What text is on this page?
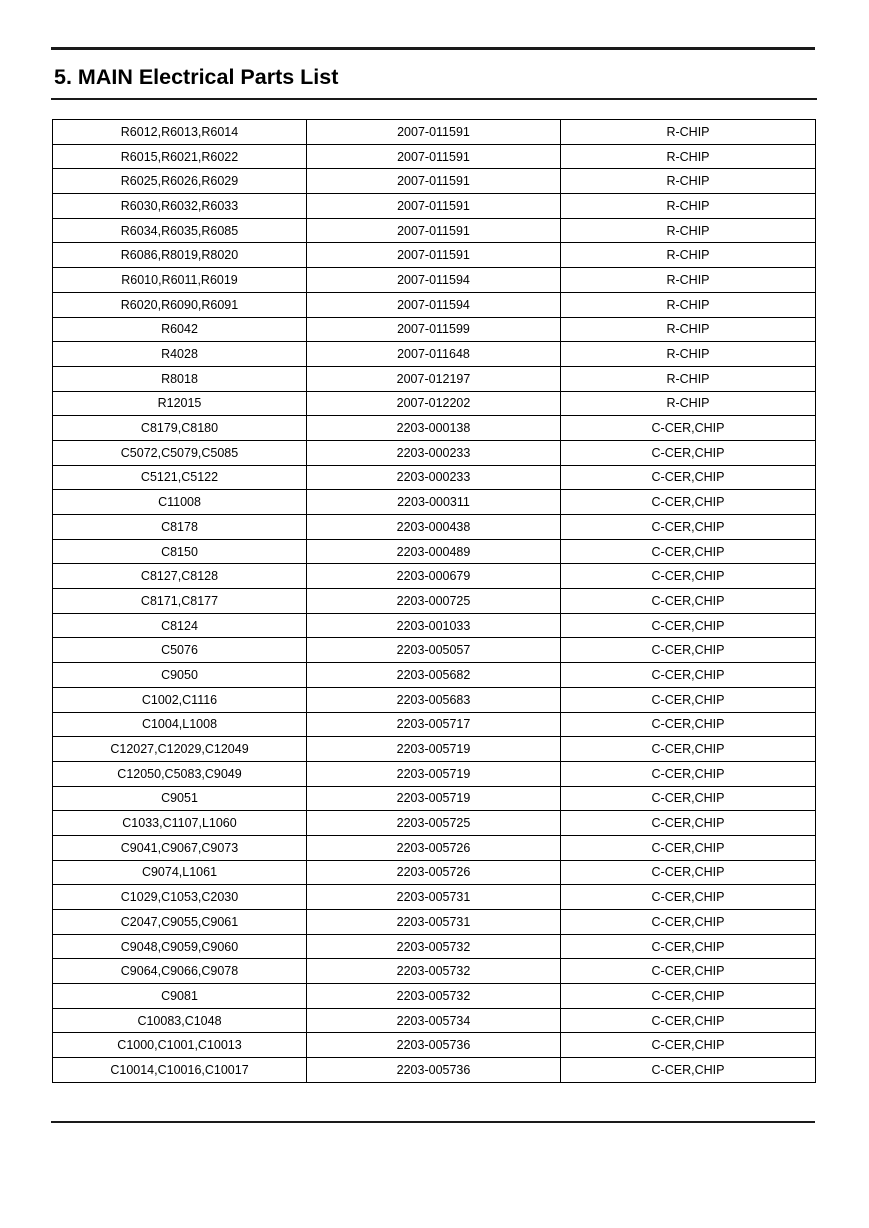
5. MAIN Electrical Parts List
R6012,R6013,R6014	2007-011591	R-CHIP
R6015,R6021,R6022	2007-011591	R-CHIP
R6025,R6026,R6029	2007-011591	R-CHIP
R6030,R6032,R6033	2007-011591	R-CHIP
R6034,R6035,R6085	2007-011591	R-CHIP
R6086,R8019,R8020	2007-011591	R-CHIP
R6010,R6011,R6019	2007-011594	R-CHIP
R6020,R6090,R6091	2007-011594	R-CHIP
R6042	2007-011599	R-CHIP
R4028	2007-011648	R-CHIP
R8018	2007-012197	R-CHIP
R12015	2007-012202	R-CHIP
C8179,C8180	2203-000138	C-CER,CHIP
C5072,C5079,C5085	2203-000233	C-CER,CHIP
C5121,C5122	2203-000233	C-CER,CHIP
C11008	2203-000311	C-CER,CHIP
C8178	2203-000438	C-CER,CHIP
C8150	2203-000489	C-CER,CHIP
C8127,C8128	2203-000679	C-CER,CHIP
C8171,C8177	2203-000725	C-CER,CHIP
C8124	2203-001033	C-CER,CHIP
C5076	2203-005057	C-CER,CHIP
C9050	2203-005682	C-CER,CHIP
C1002,C1116	2203-005683	C-CER,CHIP
C1004,L1008	2203-005717	C-CER,CHIP
C12027,C12029,C12049	2203-005719	C-CER,CHIP
C12050,C5083,C9049	2203-005719	C-CER,CHIP
C9051	2203-005719	C-CER,CHIP
C1033,C1107,L1060	2203-005725	C-CER,CHIP
C9041,C9067,C9073	2203-005726	C-CER,CHIP
C9074,L1061	2203-005726	C-CER,CHIP
C1029,C1053,C2030	2203-005731	C-CER,CHIP
C2047,C9055,C9061	2203-005731	C-CER,CHIP
C9048,C9059,C9060	2203-005732	C-CER,CHIP
C9064,C9066,C9078	2203-005732	C-CER,CHIP
C9081	2203-005732	C-CER,CHIP
C10083,C1048	2203-005734	C-CER,CHIP
C1000,C1001,C10013	2203-005736	C-CER,CHIP
C10014,C10016,C10017	2203-005736	C-CER,CHIP
